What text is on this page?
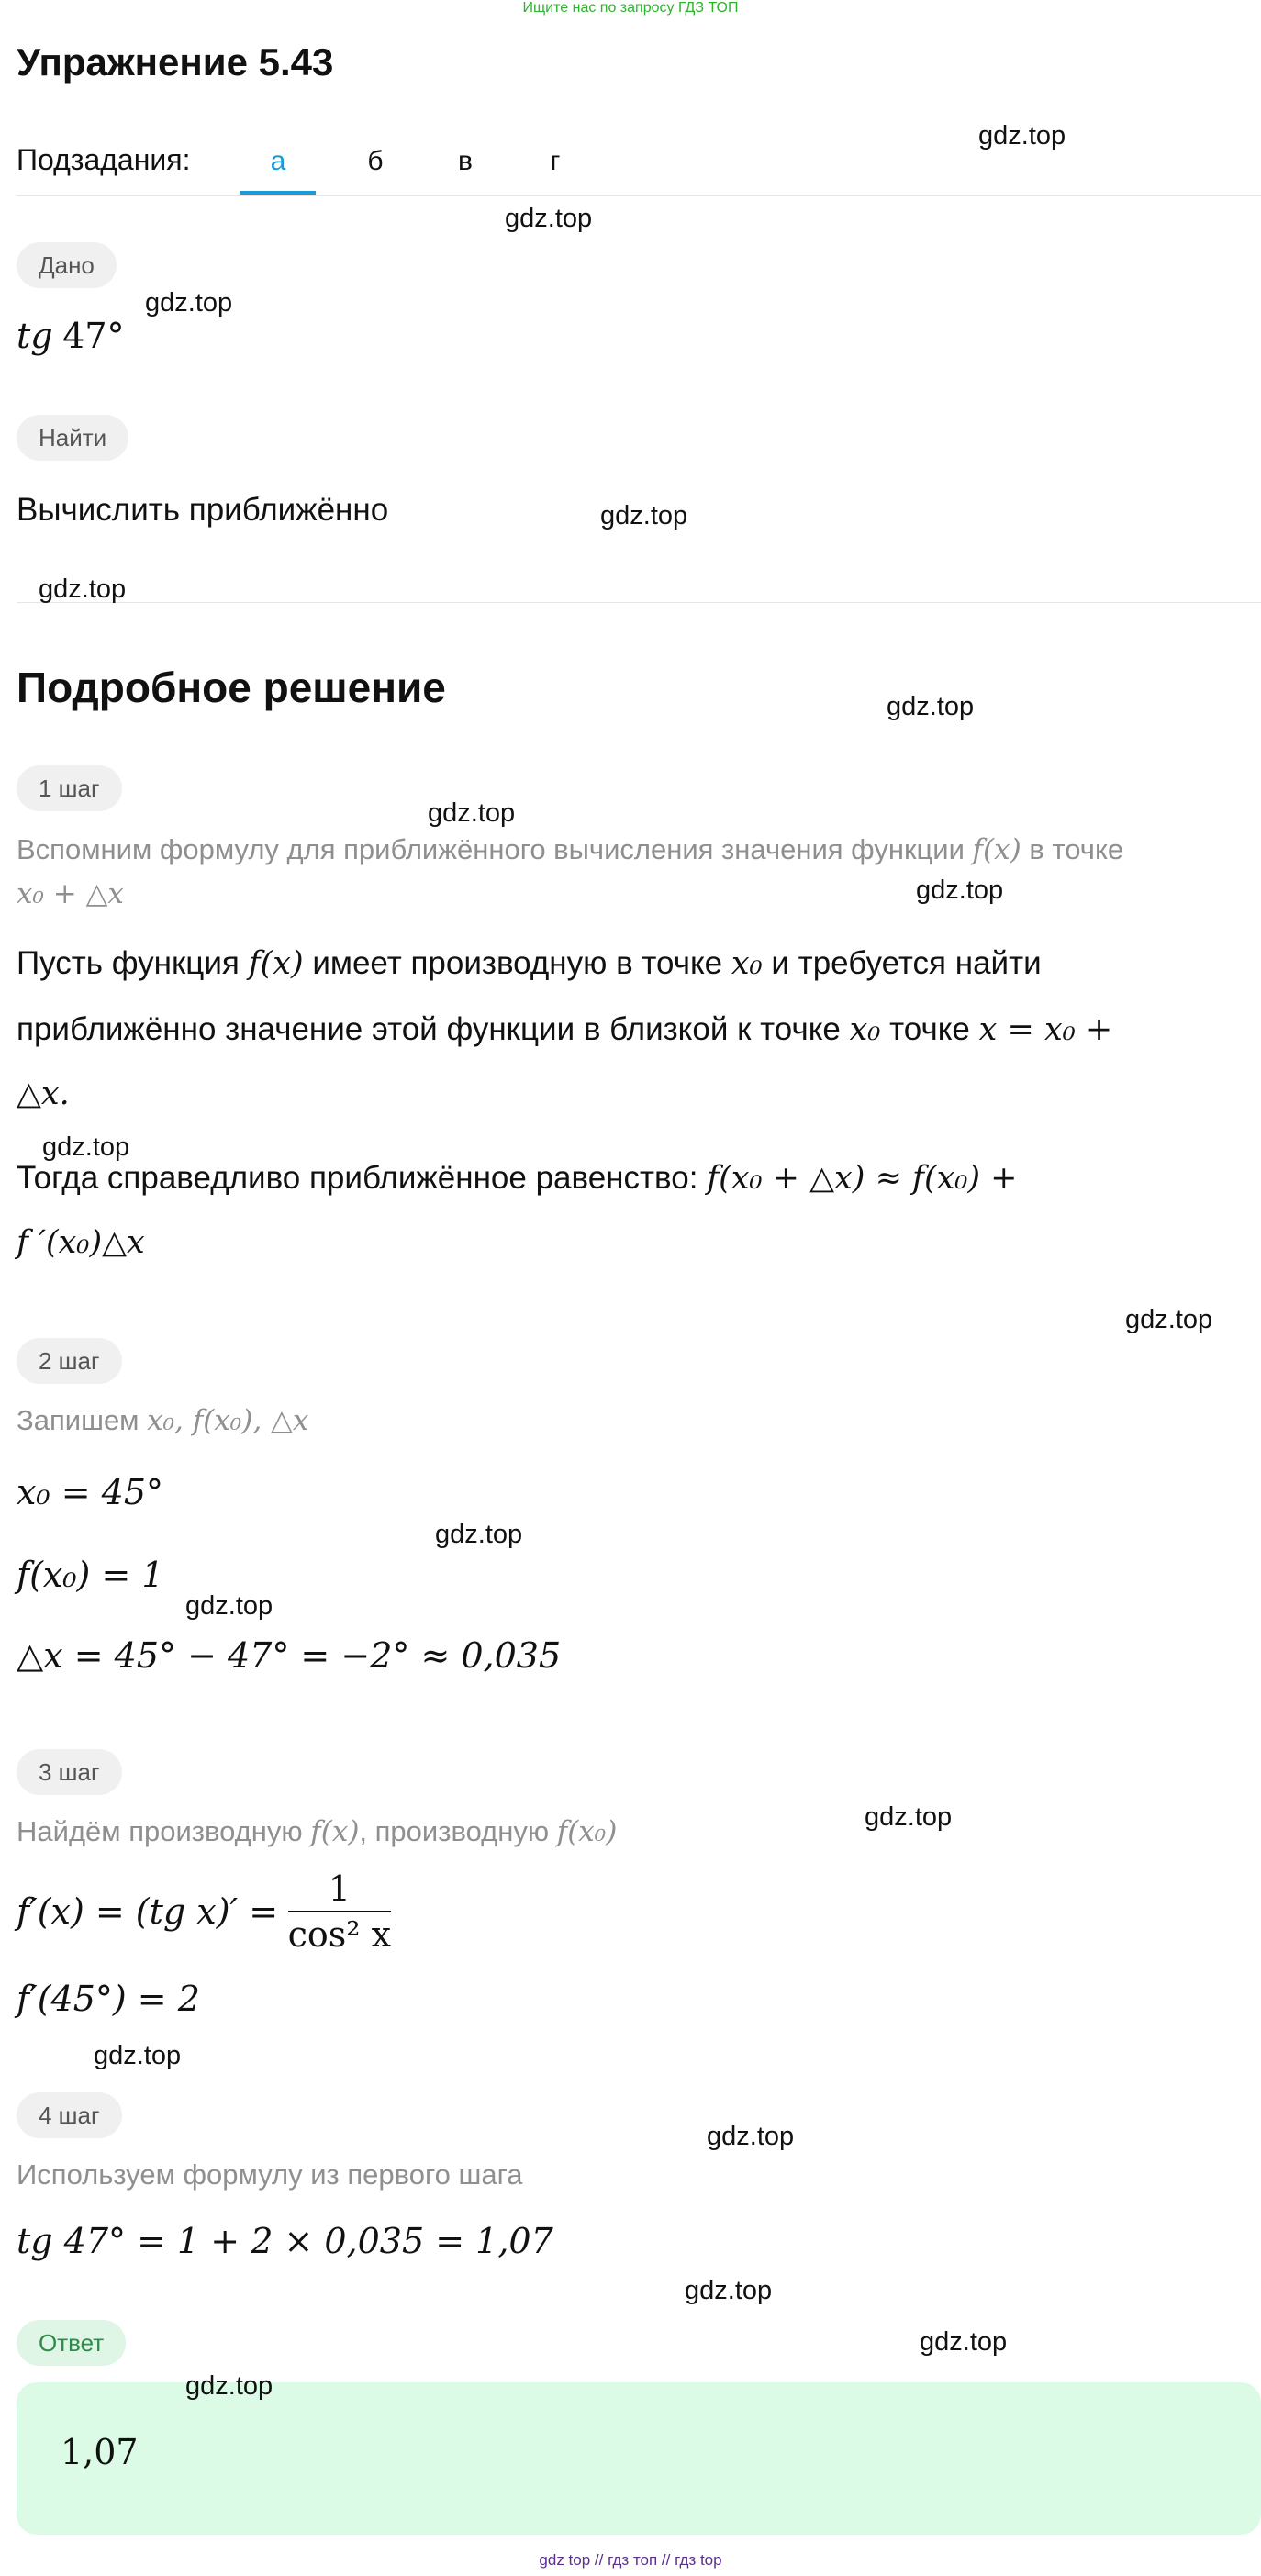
Ищите нас по запросу ГДЗ ТОП
Упражнение 5.43
Подзадания:	а	б	в	г
Дано
tg 47°
Найти
Вычислить приближённо
Подробное решение
1 шаг
Вспомним формулу для приближённого вычисления значения функции f(x) в точке
x₀ + △x
Пусть функция f(x) имеет производную в точке x₀ и требуется найти
приближённо значение этой функции в близкой к точке x₀ точке x = x₀ +
△x.
Тогда справедливо приближённое равенство: f(x₀ + △x) ≈ f(x₀) +
f ′(x₀)△x
2 шаг
Запишем x₀, f(x₀), △x
x₀ = 45°
f(x₀) = 1
△x = 45° − 47° = −2° ≈ 0,035
3 шаг
Найдём производную f(x), производную f(x₀)
f′(x) = (tg $x)' = \frac{1}{\text{cos² x}}$
f′(45°) = 2
4 шаг
Используем формулу из первого шага
tg 47° = 1 + 2 × 0,035 = 1,07
Ответ
1,07
gdz.top
gdz.top
gdz.top
gdz.top
gdz.top
gdz.top
gdz.top
gdz.top
gdz.top
gdz.top
gdz.top
gdz.top
gdz.top
gdz.top
gdz.top
gdz.top
gdz.top
gdz.top
gdz top // гдз топ // гдз top
